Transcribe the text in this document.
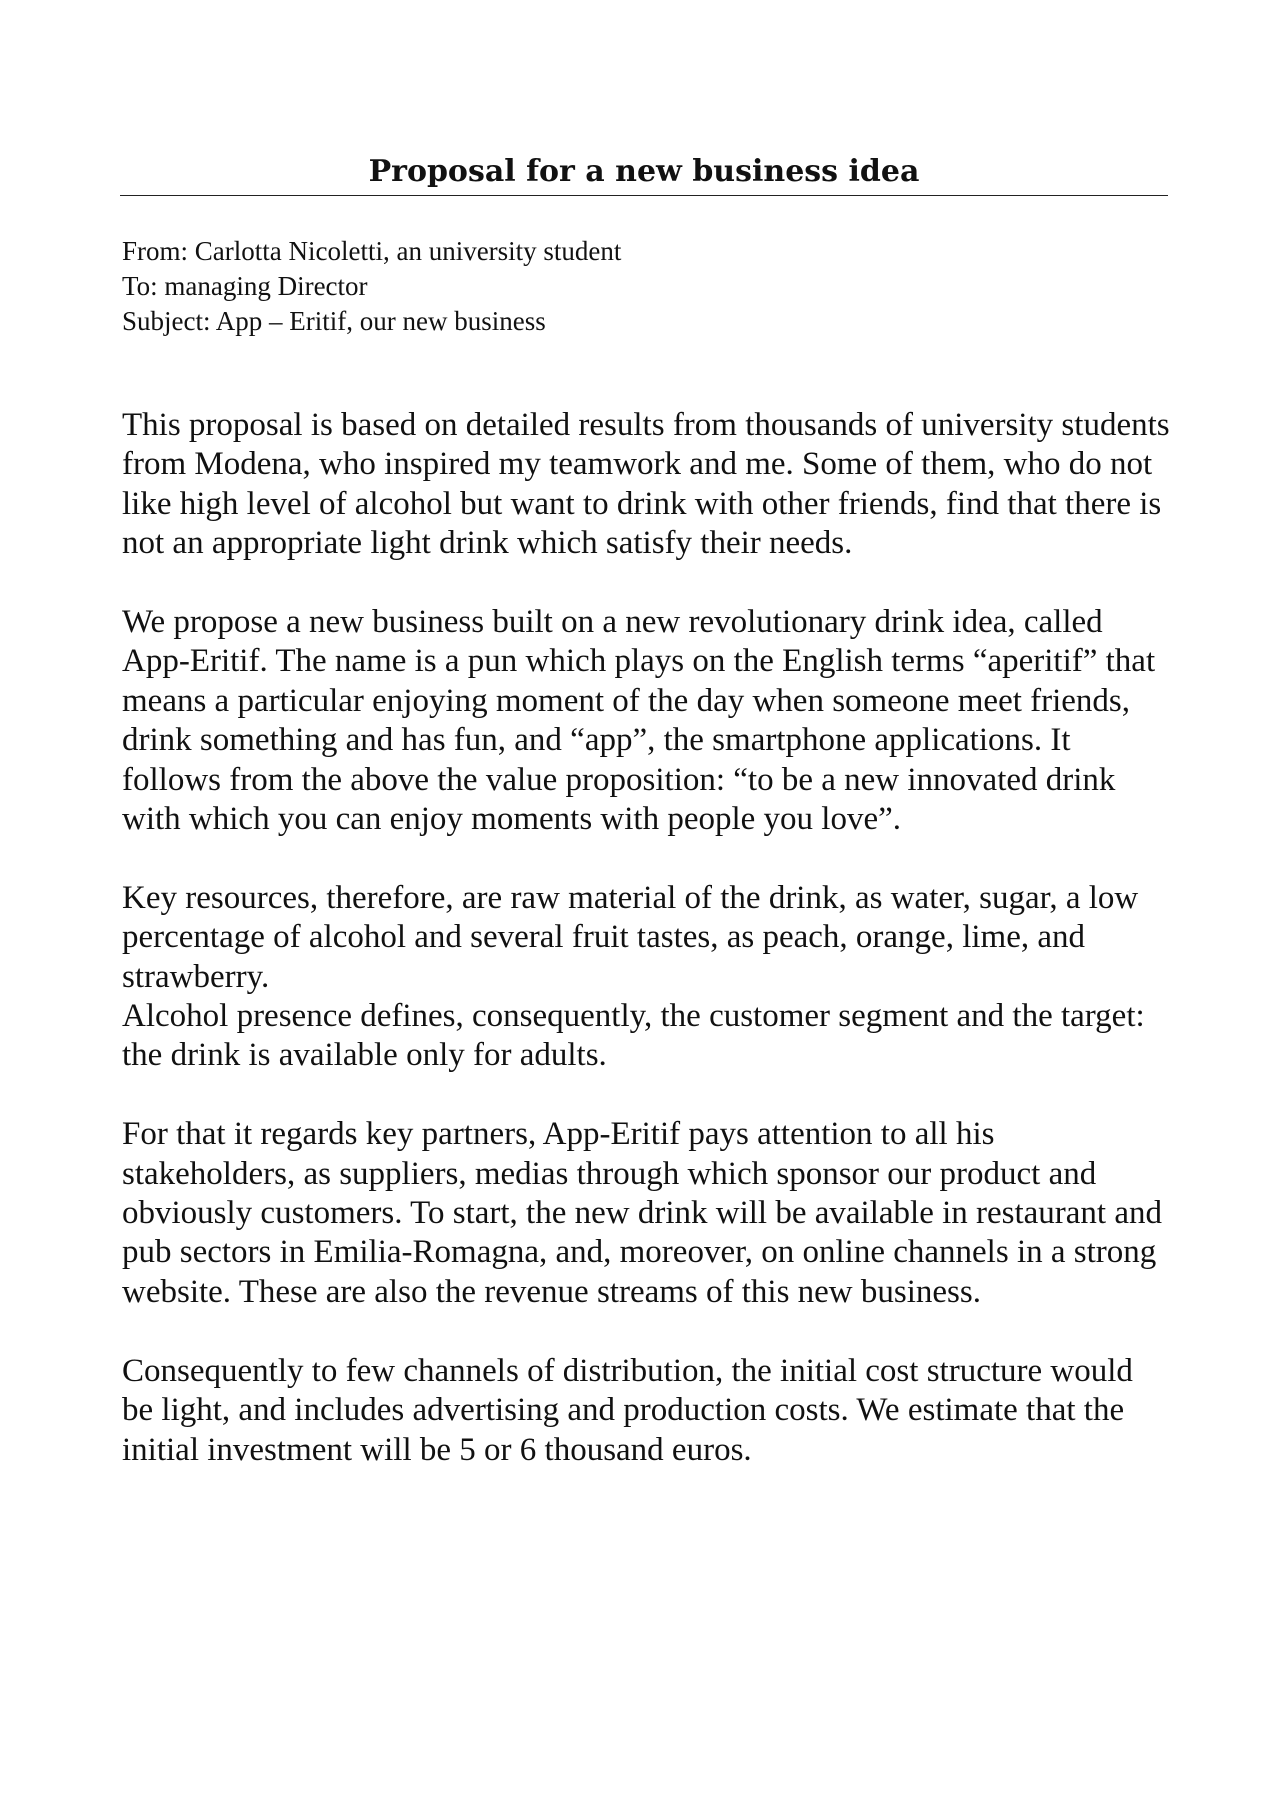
Proposal for a new business idea
From: Carlotta Nicoletti, an university student
To: managing Director
Subject: App – Eritif, our new business

This proposal is based on detailed results from thousands of university students from Modena, who inspired my teamwork and me. Some of them, who do not like high level of alcohol but want to drink with other friends, find that there is not an appropriate light drink which satisfy their needs.

We propose a new business built on a new revolutionary drink idea, called App-Eritif. The name is a pun which plays on the English terms “aperitif” that means a particular enjoying moment of the day when someone meet friends, drink something and has fun, and “app”, the smartphone applications. It follows from the above the value proposition: “to be a new innovated drink with which you can enjoy moments with people you love”.

Key resources, therefore, are raw material of the drink, as water, sugar, a low percentage of alcohol and several fruit tastes, as peach, orange, lime, and strawberry.

Alcohol presence defines, consequently, the customer segment and the target: the drink is available only for adults.

For that it regards key partners, App-Eritif pays attention to all his stakeholders, as suppliers, medias through which sponsor our product and obviously customers. To start, the new drink will be available in restaurant and pub sectors in Emilia-Romagna, and, moreover, on online channels in a strong website. These are also the revenue streams of this new business.

Consequently to few channels of distribution, the initial cost structure would be light, and includes advertising and production costs. We estimate that the initial investment will be 5 or 6 thousand euros.
